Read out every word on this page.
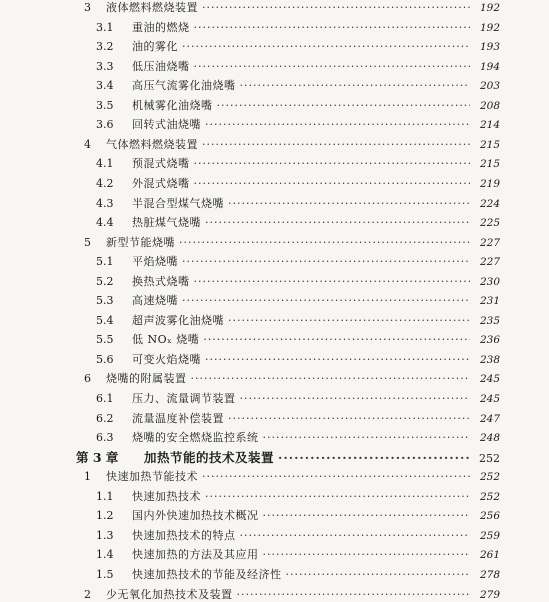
3	液体燃料燃烧装置 ·····	192
3.1	重油的燃烧 ·····	192
3.2	油的雾化 ·····	193
3.3	低压油烧嘴 ·····	194
3.4	高压气流雾化油烧嘴 ·····	203
3.5	机械雾化油烧嘴 ·····	208
3.6	回转式油烧嘴 ·····	214
4	气体燃料燃烧装置 ·····	215
4.1	预混式烧嘴 ·····	215
4.2	外混式烧嘴 ·····	219
4.3	半混合型煤气烧嘴 ·····	224
4.4	热脏煤气烧嘴 ·····	225
5	新型节能烧嘴 ·····	227
5.1	平焰烧嘴 ·····	227
5.2	换热式烧嘴 ·····	230
5.3	高速烧嘴 ·····	231
5.4	超声波雾化油烧嘴 ·····	235
5.5	低 NOₓ 烧嘴 ·····	236
5.6	可变火焰烧嘴 ·····	238
6	烧嘴的附属装置 ·····	245
6.1	压力、流量调节装置 ·····	245
6.2	流量温度补偿装置 ·····	247
6.3	烧嘴的安全燃烧监控系统 ·····	248
第 3 章	加热节能的技术及装置 ·····	252
1	快速加热节能技术 ·····	252
1.1	快速加热技术 ·····	252
1.2	国内外快速加热技术概况 ·····	256
1.3	快速加热技术的特点 ·····	259
1.4	快速加热的方法及其应用 ·····	261
1.5	快速加热技术的节能及经济性 ·····	278
2	少无氧化加热技术及装置 ·····	279
